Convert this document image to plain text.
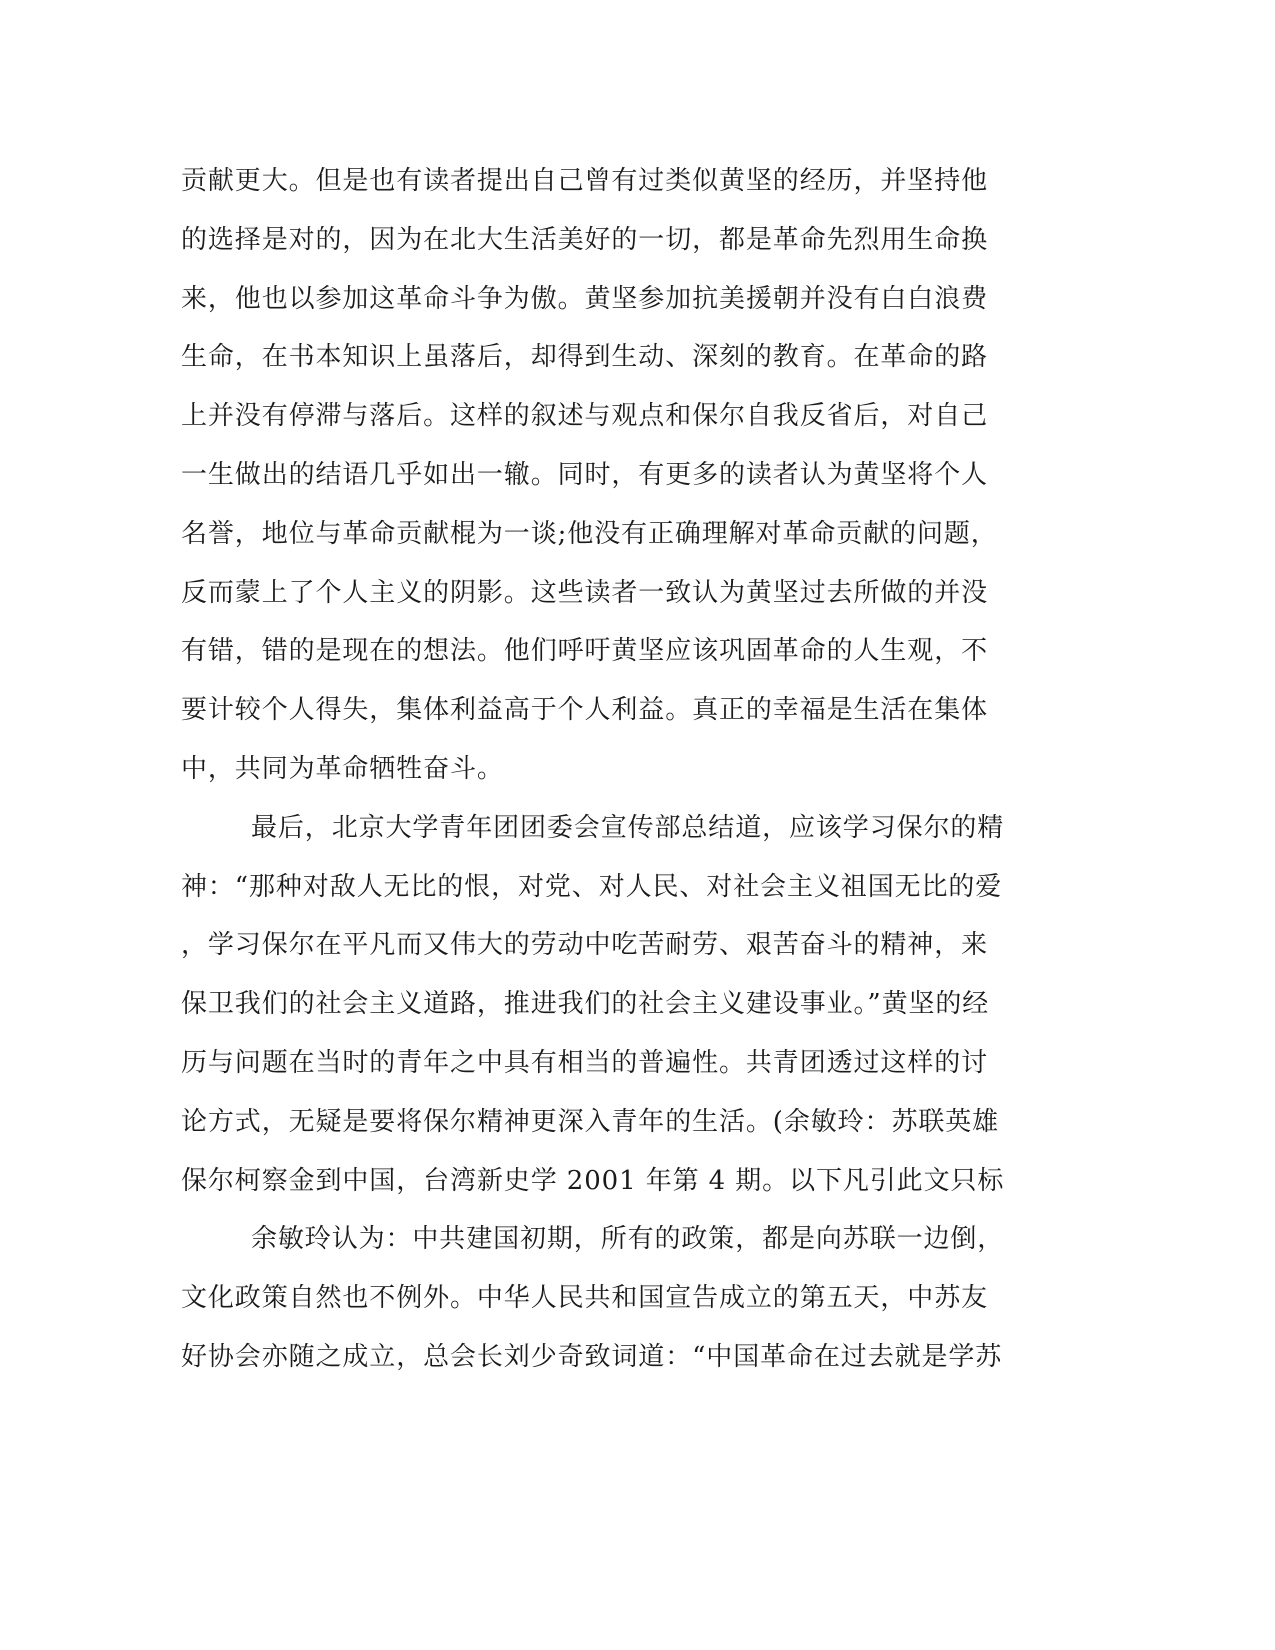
贡献更大。但是也有读者提出自己曾有过类似黄坚的经历，并坚持他
的选择是对的，因为在北大生活美好的一切，都是革命先烈用生命换
来，他也以参加这革命斗争为傲。黄坚参加抗美援朝并没有白白浪费
生命，在书本知识上虽落后，却得到生动、深刻的教育。在革命的路
上并没有停滞与落后。这样的叙述与观点和保尔自我反省后，对自己
一生做出的结语几乎如出一辙。同时，有更多的读者认为黄坚将个人
名誉，地位与革命贡献棍为一谈;他没有正确理解对革命贡献的问题，
反而蒙上了个人主义的阴影。这些读者一致认为黄坚过去所做的并没
有错，错的是现在的想法。他们呼吁黄坚应该巩固革命的人生观，不
要计较个人得失，集体利益高于个人利益。真正的幸福是生活在集体
中，共同为革命牺牲奋斗。
最后，北京大学青年团团委会宣传部总结道，应该学习保尔的精
神：“那种对敌人无比的恨，对党、对人民、对社会主义祖国无比的爱
，学习保尔在平凡而又伟大的劳动中吃苦耐劳、艰苦奋斗的精神，来
保卫我们的社会主义道路，推进我们的社会主义建设事业。”黄坚的经
历与问题在当时的青年之中具有相当的普遍性。共青团透过这样的讨
论方式，无疑是要将保尔精神更深入青年的生活。(余敏玲：苏联英雄
保尔柯察金到中国，台湾新史学 2001 年第 4 期。以下凡引此文只标
余敏玲认为：中共建国初期，所有的政策，都是向苏联一边倒，
文化政策自然也不例外。中华人民共和国宣告成立的第五天，中苏友
好协会亦随之成立，总会长刘少奇致词道：“中国革命在过去就是学苏
